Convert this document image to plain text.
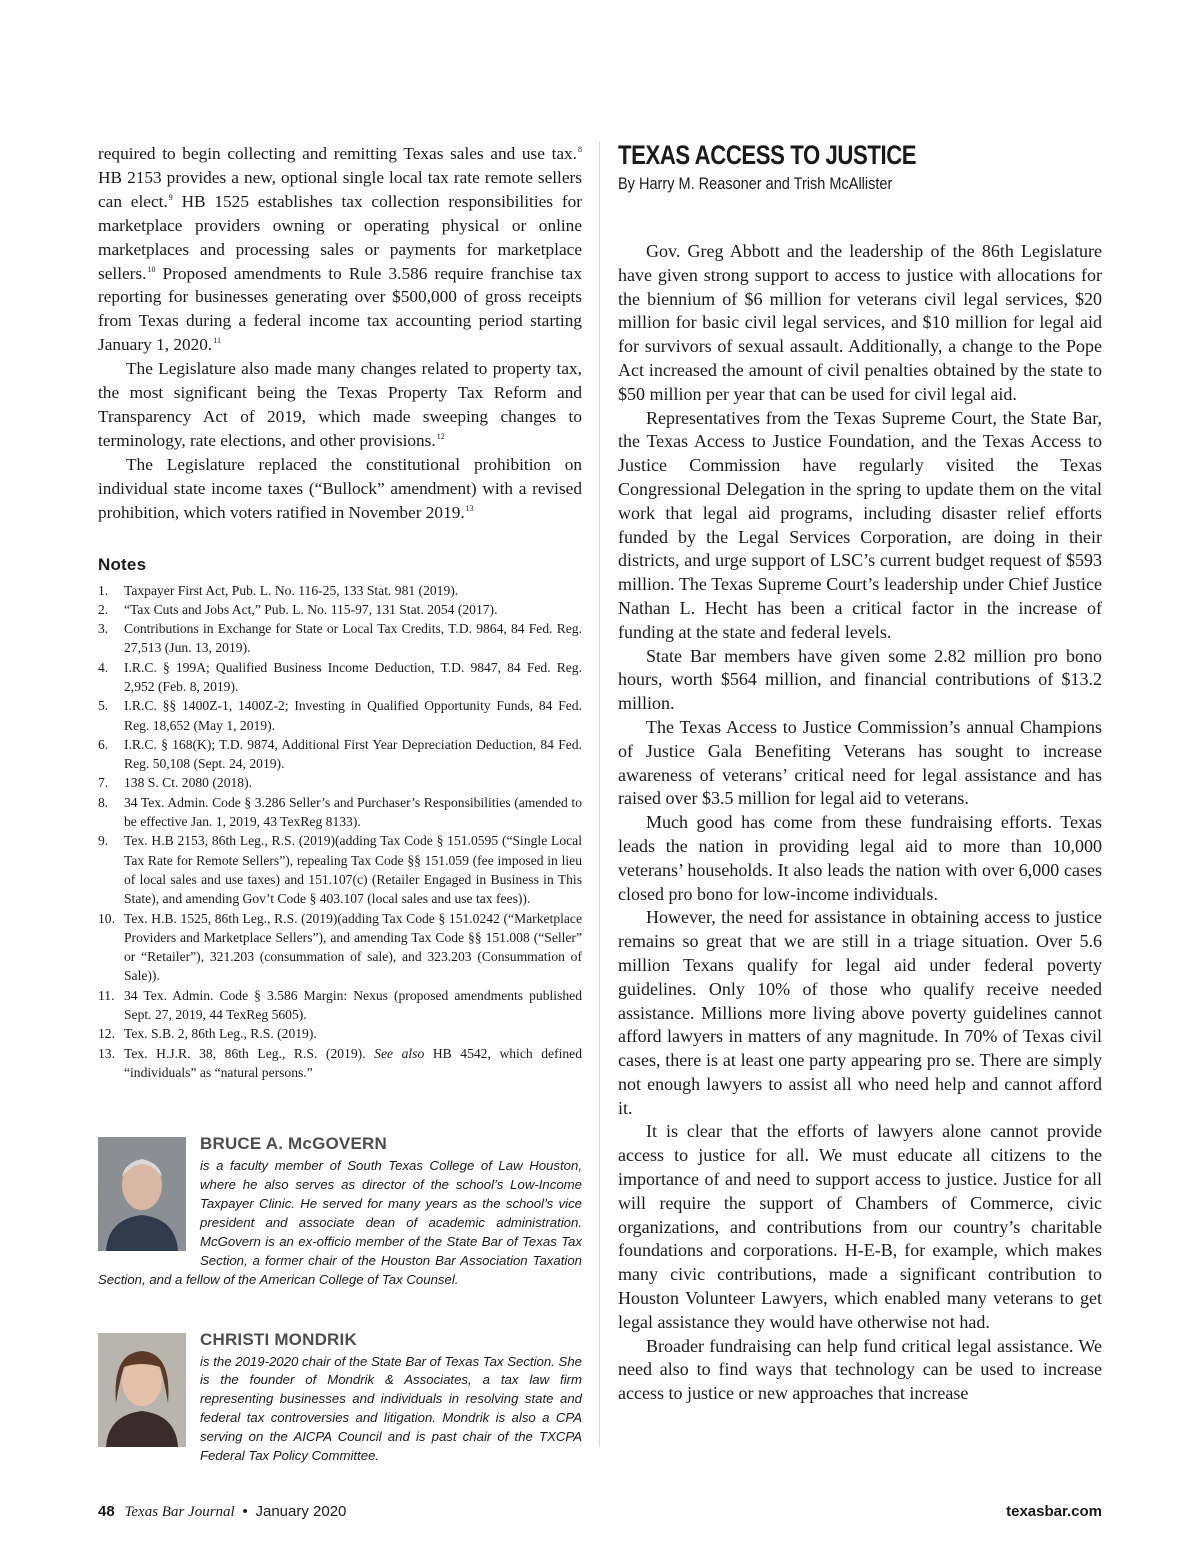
required to begin collecting and remitting Texas sales and use tax.$^8$ HB 2153 provides a new, optional single local tax rate remote sellers can elect.$^9$ HB 1525 establishes tax collection responsibilities for marketplace providers owning or operating physical or online marketplaces and processing sales or payments for marketplace sellers.$^{10}$ Proposed amendments to Rule 3.586 require franchise tax reporting for businesses generating over $500,000 of gross receipts from Texas during a federal income tax accounting period starting January 1, 2020.11

The Legislature also made many changes related to property tax, the most significant being the Texas Property Tax Reform and Transparency Act of 2019, which made sweeping changes to terminology, rate elections, and other provisions.$^{12}$

The Legislature replaced the constitutional prohibition on individual state income taxes (“Bullock” amendment) with a revised prohibition, which voters ratified in November 2019.13

Notes
1.	Taxpayer First Act, Pub. L. No. 116-25, 133 Stat. 981 (2019).
2.	“Tax Cuts and Jobs Act,” Pub. L. No. 115-97, 131 Stat. 2054 (2017).
3.	Contributions in Exchange for State or Local Tax Credits, T.D. 9864, 84 Fed. Reg. 27,513 (Jun. 13, 2019).
4.	I.R.C. § 199A; Qualified Business Income Deduction, T.D. 9847, 84 Fed. Reg. 2,952 (Feb. 8, 2019).
5.	I.R.C. §§ 1400Z-1, 1400Z-2; Investing in Qualified Opportunity Funds, 84 Fed. Reg. 18,652 (May 1, 2019).
6.	I.R.C. § 168(K); T.D. 9874, Additional First Year Depreciation Deduction, 84 Fed. Reg. 50,108 (Sept. 24, 2019).
7.	138 S. Ct. 2080 (2018).
8.	34 Tex. Admin. Code § 3.286 Seller’s and Purchaser’s Responsibilities (amended to be effective Jan. 1, 2019, 43 TexReg 8133).
9.	Tex. H.B 2153, 86th Leg., R.S. (2019)(adding Tax Code § 151.0595 (“Single Local Tax Rate for Remote Sellers”), repealing Tax Code §§ 151.059 (fee imposed in lieu of local sales and use taxes) and 151.107(c) (Retailer Engaged in Business in This State), and amending Gov’t Code § 403.107 (local sales and use tax fees)).
10. Tex. H.B. 1525, 86th Leg., R.S. (2019)(adding Tax Code § 151.0242 (“Marketplace Providers and Marketplace Sellers”), and amending Tax Code §§ 151.008 (“Seller” or “Retailer”), 321.203 (consummation of sale), and 323.203 (Consummation of Sale)).
11. 34 Tex. Admin. Code § 3.586 Margin: Nexus (proposed amendments published Sept. 27, 2019, 44 TexReg 5605).
12. Tex. S.B. 2, 86th Leg., R.S. (2019).
13. Tex. H.J.R. 38, 86th Leg., R.S. (2019). See also HB 4542, which defined “individuals” as “natural persons.”
BRUCE A. McGOVERN

is a faculty member of South Texas College of Law Houston, where he also serves as director of the school’s Low-Income Taxpayer Clinic. He served for many years as the school’s vice president and associate dean of academic administration. McGovern is an ex-officio member of the State Bar of Texas Tax Section, a former chair of the Houston Bar Association Taxation Section, and a fellow of the American College of Tax Counsel.

CHRISTI MONDRIK

is the 2019-2020 chair of the State Bar of Texas Tax Section. She is the founder of Mondrik & Associates, a tax law firm representing businesses and individuals in resolving state and federal tax controversies and litigation. Mondrik is also a CPA serving on the AICPA Council and is past chair of the TXCPA Federal Tax Policy Committee.

TEXAS ACCESS TO JUSTICE
By Harry M. Reasoner and Trish McAllister

Gov. Greg Abbott and the leadership of the 86th Legislature have given strong support to access to justice with allocations for the biennium of $6 million for veterans civil legal services, $20 million for basic civil legal services, and $10 million for legal aid for survivors of sexual assault. Additionally, a change to the Pope Act increased the amount of civil penalties obtained by the state to $50 million per year that can be used for civil legal aid.

Representatives from the Texas Supreme Court, the State Bar, the Texas Access to Justice Foundation, and the Texas Access to Justice Commission have regularly visited the Texas Congressional Delegation in the spring to update them on the vital work that legal aid programs, including disaster relief efforts funded by the Legal Services Corporation, are doing in their districts, and urge support of LSC’s current budget request of $593 million. The Texas Supreme Court’s leadership under Chief Justice Nathan L. Hecht has been a critical factor in the increase of funding at the state and federal levels.

State Bar members have given some 2.82 million pro bono hours, worth $564 million, and financial contributions of $13.2 million.

The Texas Access to Justice Commission’s annual Champions of Justice Gala Benefiting Veterans has sought to increase awareness of veterans’ critical need for legal assistance and has raised over $3.5 million for legal aid to veterans.

Much good has come from these fundraising efforts. Texas leads the nation in providing legal aid to more than 10,000 veterans’ households. It also leads the nation with over 6,000 cases closed pro bono for low-income individuals.

However, the need for assistance in obtaining access to justice remains so great that we are still in a triage situation. Over 5.6 million Texans qualify for legal aid under federal poverty guidelines. Only 10% of those who qualify receive needed assistance. Millions more living above poverty guidelines cannot afford lawyers in matters of any magnitude. In 70% of Texas civil cases, there is at least one party appearing pro se. There are simply not enough lawyers to assist all who need help and cannot afford it.

It is clear that the efforts of lawyers alone cannot provide access to justice for all. We must educate all citizens to the importance of and need to support access to justice. Justice for all will require the support of Chambers of Commerce, civic organizations, and contributions from our country’s charitable foundations and corporations. H-E-B, for example, which makes many civic contributions, made a significant contribution to Houston Volunteer Lawyers, which enabled many veterans to get legal assistance they would have otherwise not had.

Broader fundraising can help fund critical legal assistance. We need also to find ways that technology can be used to increase access to justice or new approaches that increase

48 Texas Bar Journal • January 2020	texasbar.com
